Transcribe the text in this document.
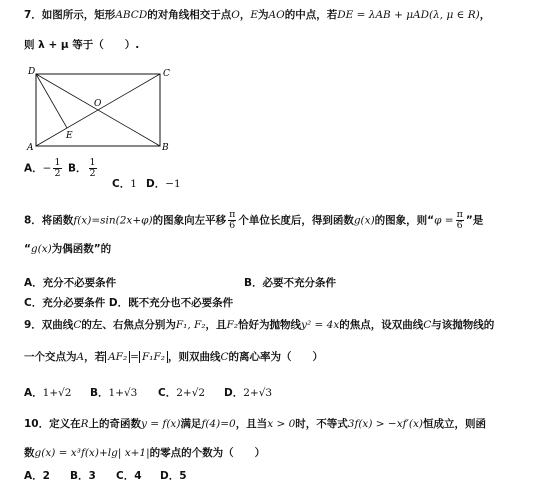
7．如图所示，矩形ABCD的对角线相交于点O，E为AO的中点，若DE = λAB + μAD(λ, μ ∈ R)，
则 λ + μ 等于（　　）.
D	C
A	B
O
E
A．− $\frac{1}{2}$ B． $\frac{1}{2}$
C．1 D．−1
8．将函数f(x)=sin(2x+φ)的图象向左平移 $\frac{\pi}{6}$ 个单位长度后，得到函数g(x)的图象，则“$\varphi = \frac{\pi}{6}$ ”是
“g(x)为偶函数”的
A．充分不必要条件	B．必要不充分条件
C．充分必要条件 D．既不充分也不必要条件
9．双曲线C的左、右焦点分别为F₁, F₂，且F₂恰好为抛物线y² = 4x的焦点，设双曲线C与该抛物线的
一个交点为A，若 AF₂ = F₁F₂ ，则双曲线C的离心率为（　　）
A．1+√2 B．1+√3 C．2+√2 D．2+√3
10．定义在R上的奇函数y = f(x)满足f(4)=0，且当x > 0时，不等式3f(x) > −xf′(x)恒成立，则函
数g(x) = x³f(x)+lg| x+1|的零点的个数为（　　）
A．2 B．3 C．4 D．5
